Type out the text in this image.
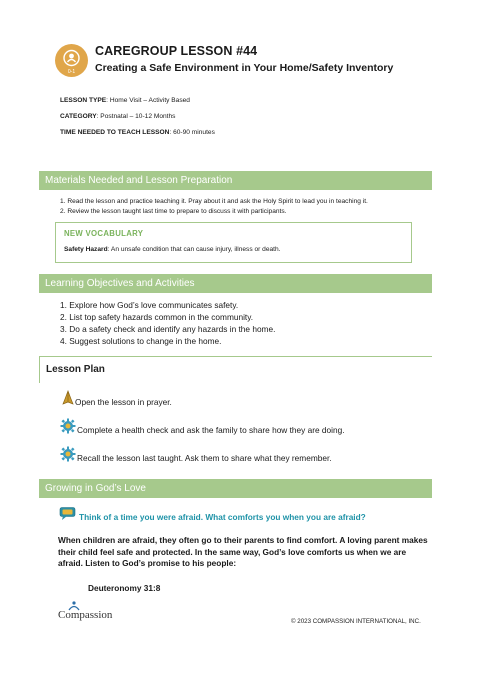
0-1
CAREGROUP LESSON #44
Creating a Safe Environment in Your Home/Safety Inventory
LESSON TYPE: Home Visit – Activity Based
CATEGORY: Postnatal – 10-12 Months
TIME NEEDED TO TEACH LESSON: 60-90 minutes
Materials Needed and Lesson Preparation
1. Read the lesson and practice teaching it. Pray about it and ask the Holy Spirit to lead you in teaching it.
2. Review the lesson taught last time to prepare to discuss it with participants.
NEW VOCABULARY
Safety Hazard: An unsafe condition that can cause injury, illness or death.
Learning Objectives and Activities
1. Explore how God’s love communicates safety.
2. List top safety hazards common in the community.
3. Do a safety check and identify any hazards in the home.
4. Suggest solutions to change in the home.
Lesson Plan
Open the lesson in prayer.
Complete a health check and ask the family to share how they are doing.
Recall the lesson last taught. Ask them to share what they remember.
Growing in God’s Love
Think of a time you were afraid. What comforts you when you are afraid?
When children are afraid, they often go to their parents to find comfort. A loving parent makes their child feel safe and protected. In the same way, God’s love comforts us when we are afraid. Listen to God’s promise to his people:
Deuteronomy 31:8
Compassion
© 2023 COMPASSION INTERNATIONAL, INC.
